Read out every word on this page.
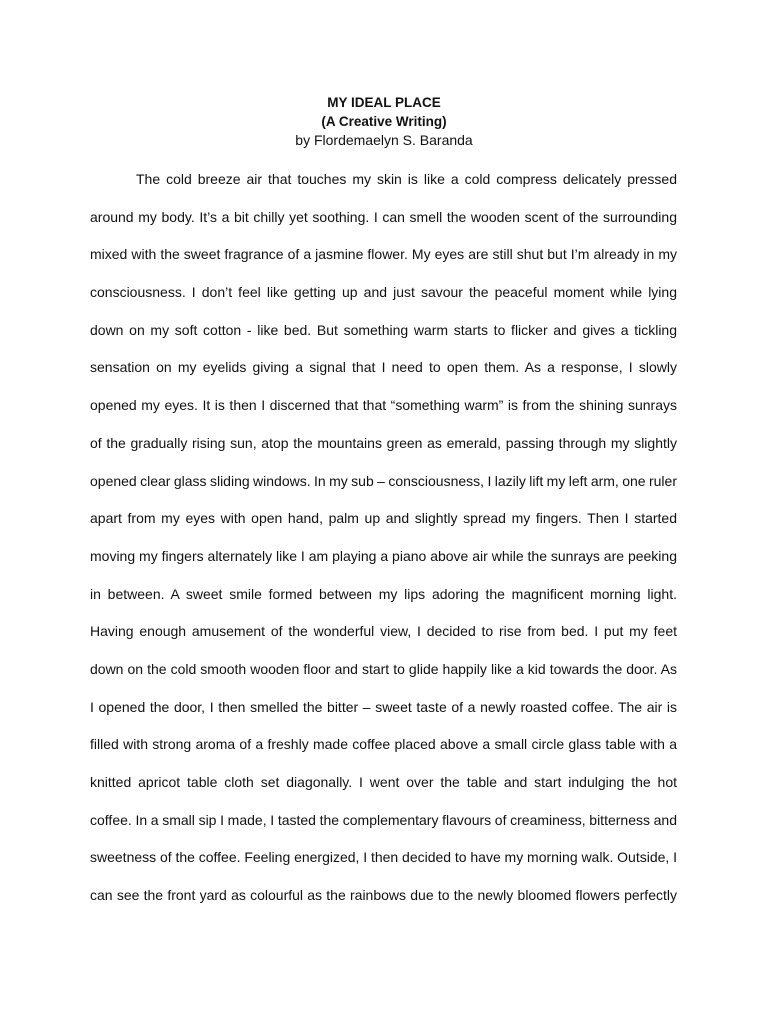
MY IDEAL PLACE
(A Creative Writing)
by Flordemaelyn S. Baranda
The cold breeze air that touches my skin is like a cold compress delicately pressed
around my body. It’s a bit chilly yet soothing. I can smell the wooden scent of the surrounding
mixed with the sweet fragrance of a jasmine flower. My eyes are still shut but I’m already in my
consciousness. I don’t feel like getting up and just savour the peaceful moment while lying
down on my soft cotton - like bed. But something warm starts to flicker and gives a tickling
sensation on my eyelids giving a signal that I need to open them. As a response, I slowly
opened my eyes. It is then I discerned that that “something warm” is from the shining sunrays
of the gradually rising sun, atop the mountains green as emerald, passing through my slightly
opened clear glass sliding windows. In my sub – consciousness, I lazily lift my left arm, one ruler
apart from my eyes with open hand, palm up and slightly spread my fingers. Then I started
moving my fingers alternately like I am playing a piano above air while the sunrays are peeking
in between. A sweet smile formed between my lips adoring the magnificent morning light.
Having enough amusement of the wonderful view, I decided to rise from bed. I put my feet
down on the cold smooth wooden floor and start to glide happily like a kid towards the door. As
I opened the door, I then smelled the bitter – sweet taste of a newly roasted coffee. The air is
filled with strong aroma of a freshly made coffee placed above a small circle glass table with a
knitted apricot table cloth set diagonally. I went over the table and start indulging the hot
coffee. In a small sip I made, I tasted the complementary flavours of creaminess, bitterness and
sweetness of the coffee. Feeling energized, I then decided to have my morning walk. Outside, I
can see the front yard as colourful as the rainbows due to the newly bloomed flowers perfectly
